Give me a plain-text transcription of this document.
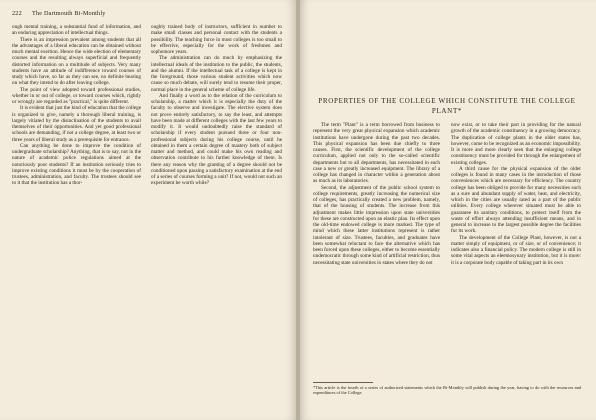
222 The Dartmouth Bi-Monthly

ough mental training, a substantial fund of information, and an enduring appreciation of intellectual things.

There is an impression prevalent among students that all the advantages of a liberal education can be obtained without much mental exertion. Hence the wide election of elementary courses and the resulting always superficial and frequently distorted information on a multitude of subjects. Very many students have an attitude of indifference toward courses of study which have, so far as they can see, no definite bearing on what they intend to do after leaving college.

The point of view adopted toward professional studies, whether in or out of college, or toward courses which, rightly or wrongly are regarded as "practical," is quite different.

It is evident that just the kind of education that the college is organized to give, namely a thorough liberal training, is largely vitiated by the disinclination of the students to avail themselves of their opportunities. And yet good professional schools are demanding, if not a college degree, at least two or three years of liberal study as a prerequisite for entrance.

Can anything be done to improve the condition of undergraduate scholarship? Anything, that is to say, not in the nature of academic police regulations aimed at the notoriously poor students? If an institution seriously tries to improve existing conditions it must be by the cooperation of trustees, administration, and faculty. The trustees should see to it that the institution has a thor-

oughly trained body of instructors, sufficient in number to make small classes and personal contact with the students a possibility. The teaching force in most colleges is too small to be effective, especially for the work of freshmen and sophomore years.

The administration can do much by emphasizing the intellectual ideals of the institution to the public, the students, and the alumni. If the intellectual task of a college is kept in the foreground, those various student activities which now cause so much debate, will surely tend to resume their proper, normal place in the general scheme of college life.

And finally a word as to the relation of the curriculum to scholarship, a matter which it is especially the duty of the faculty to observe and investigate. The elective system does not prove entirely satisfactory, to say the least, and attempts have been made at different colleges with the last few years to modify it. It would undoubtedly raise the standard of scholarship if every student pursued three or four non-professional subjects during his college course, until he obtained in them a certain degree of mastery both of subject matter and method, and could make his own reading and observation contribute to his further knowledge of them. Is there any reason why the granting of a degree should not be conditioned upon passing a satisfactory examination at the end of a series of courses forming a unit? If not, would not such an experiment be worth while?

PROPERTIES OF THE COLLEGE WHICH CONSTITUTE THE COLLEGE PLANT*

The term "Plant" is a term borrowed from business to represent the very great physical expansion which academic institutions have undergone during the past two decades. This physical expansion has been due chiefly to three causes. First, the scientific development of the college curriculum, applied not only to the so-called scientific departments but to all departments, has necessitated in each case a new or greatly increased equipment. The library of a college has changed in character within a generation about as much as its laboratories.

Second, the adjustment of the public school system to college requirements, greatly increasing the numerical size of colleges, has practically created a new problem, namely, that of the housing of students. The increase from this adjustment makes little impression upon state universities for these are constructed upon an elastic plan. Its effect upon the old-time endowed college is more marked. The type of mind which these latter institutions represent is rather intolerant of size. Trustees, faculties, and graduates have been somewhat reluctant to face the alternative which has been forced upon these colleges, either to become essentially undemocratic through some kind of artificial restriction, thus necessitating state universities in states where they do not

now exist, or to take their part in providing for the natural growth of the academic constituency in a growing democracy. The duplication of college plants in the older states has, however, come to be recognized as an economic impossibility. It is more and more clearly seen that the enlarging college constituency must be provided for through the enlargement of existing colleges.

A third cause for the physical expansion of the older colleges is found in many cases in the introduction of those conveniences which are necessary for efficiency. The country college has been obliged to provide for many necessities such as a sure and abundant supply of water, heat, and electricity, which in the cities are usually rated as a part of the public utilities. Every college wherever situated must be able to guarantee its sanitary conditions, to protect itself from the waste of effort always attending insufficient means, and in general to increase to the largest possible degree the facilities for its work.

The development of the College Plant, however, is not a matter simply of equipment, or of size, or of convenience; it indicates also a financial policy. The modern college is still in some vital aspects an eleemosynary institution, but it is more: it is a corporate body capable of taking part in its own

*This article is the fourth of a series of authorized statements which the Bi-Monthly will publish during the year, having to do with the resources and expenditures of the College.
